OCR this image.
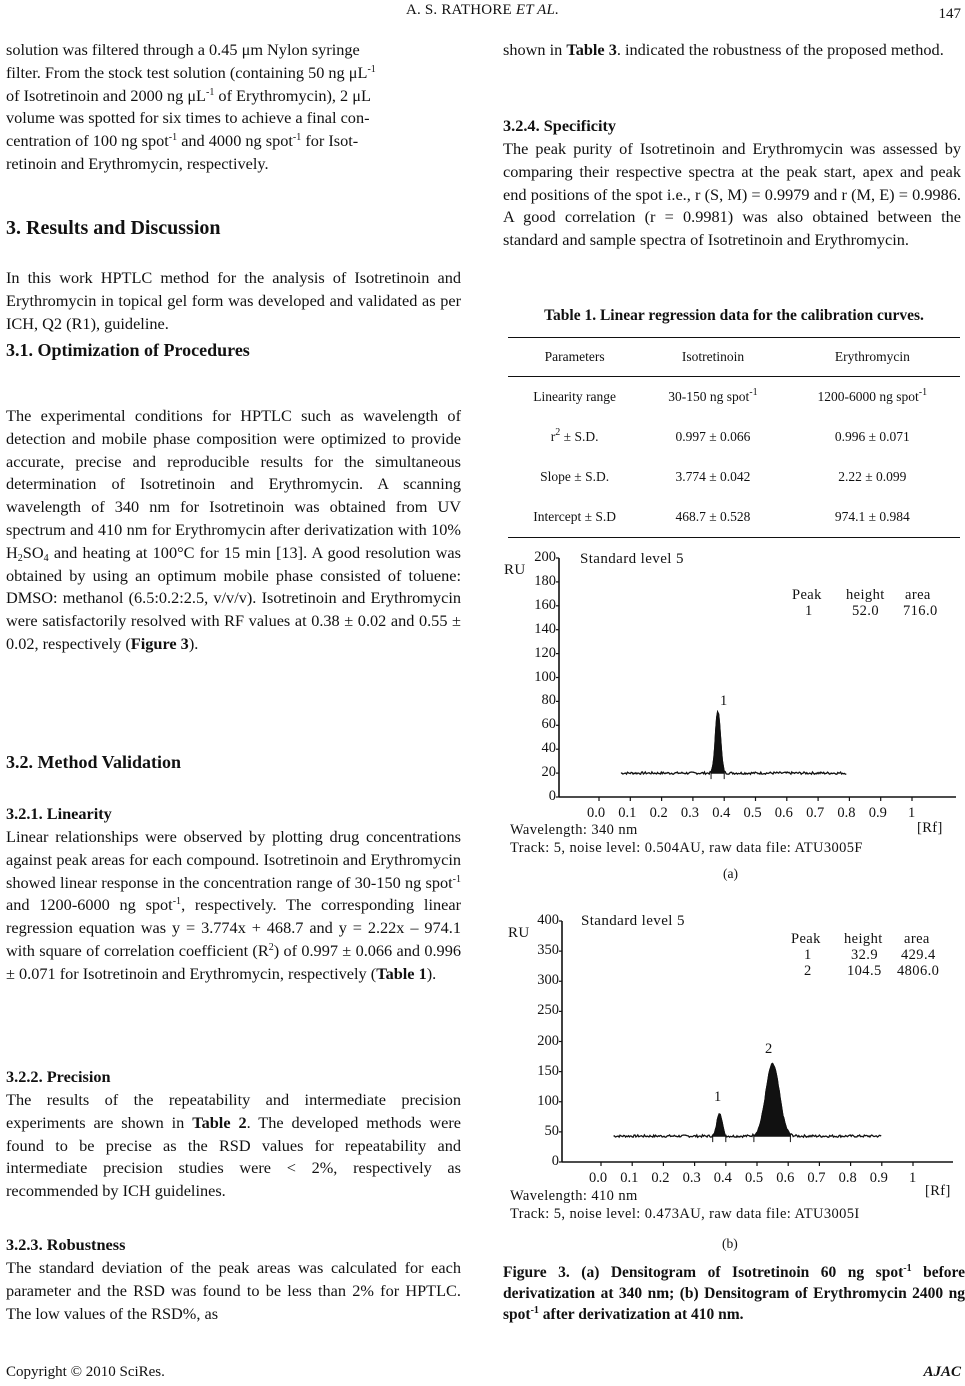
A. S. RATHORE ET AL.	147

solution was filtered through a 0.45 μm Nylon syringe

filter. From the stock test solution (containing 50 ng $\mu L^{-1}$

of Isotretinoin and 2000 ng $\mu L^{-1}$ of Erythromycin), 2 μL

volume was spotted for six times to achieve a final con-

centration of 100 ng spot$^{-1}$ and 4000 ng spot$^{-1}$ for Isot-

retinoin and Erythromycin, respectively.

3. Results and Discussion
In this work HPTLC method for the analysis of Isotretinoin and Erythromycin in topical gel form was developed and validated as per ICH, Q2 (R1), guideline.
3.1. Optimization of Procedures
The experimental conditions for HPTLC such as wavelength of detection and mobile phase composition were optimized to provide accurate, precise and reproducible results for the simultaneous determination of Isotretinoin and Erythromycin. A scanning wavelength of 340 nm for Isotretinoin was obtained from UV spectrum and 410 nm for Erythromycin after derivatization with 10% $H_2SO_4$ and heating at 100°C for 15 min [13]. A good resolution was obtained by using an optimum mobile phase consisted of toluene: DMSO: methanol (6.5:0.2:2.5, v/v/v). Isotretinoin and Erythromycin were satisfactorily resolved with RF values at 0.38 ± 0.02 and 0.55 ± 0.02, respectively (Figure 3).
3.2. Method Validation
3.2.1. Linearity
Linear relationships were observed by plotting drug concentrations against peak areas for each compound. Isotretinoin and Erythromycin showed linear response in the concentration range of 30-150 ng spot$^{-1}$ and 1200-6000 ng spot$^{-1}$, respectively. The corresponding linear regression equation was y = 3.774x + 468.7 and y = 2.22x – 974.1 with square of correlation coefficient $(R^2)$ of 0.997 ± 0.066 and 0.996 ± 0.071 for Isotretinoin and Erythromycin, respectively (Table 1).
3.2.2. Precision
The results of the repeatability and intermediate precision experiments are shown in Table 2. The developed methods were found to be precise as the RSD values for repeatability and intermediate precision studies were < 2%, respectively as recommended by ICH guidelines.
3.2.3. Robustness
The standard deviation of the peak areas was calculated for each parameter and the RSD was found to be less than 2% for HPTLC. The low values of the RSD%, as
shown in Table 3. indicated the robustness of the proposed method.
3.2.4. Specificity
The peak purity of Isotretinoin and Erythromycin was assessed by comparing their respective spectra at the peak start, apex and peak end positions of the spot i.e., r (S, M) = 0.9979 and r (M, E) = 0.9986. A good correlation (r = 0.9981) was also obtained between the standard and sample spectra of Isotretinoin and Erythromycin.
Table 1. Linear regression data for the calibration curves.
Parameters	Isotretinoin	Erythromycin
Linearity range	30-150 ng spot$^{-1}$	1200-6000 ng spot$^{-1}$
$r^2 \pm S.D$.	0.997 ± 0.066	0.996 ± 0.071
Slope ± S.D.	3.774 ± 0.042	2.22 ± 0.099
Intercept ± S.D	468.7 ± 0.528	974.1 ± 0.984
RU
Standard level 5
Peak height area
1	52.0 716.0
1
[Rf]
Wavelength: 340 nm
Track: 5, noise level: 0.504AU, raw data file: ATU3005F
0
20
40
60
80
100
120
140
160
180
200
0.0 0.1 0.2 0.3 0.4 0.5 0.6 0.7 0.8 0.9 1
(a)
RU
Standard level 5
Peak height area
1	32.9 429.4
2 104.5 4806.0
1
2
[Rf]
Wavelength: 410 nm
Track: 5, noise level: 0.473AU, raw data file: ATU3005I
0
50
100
150
200
250
300
350
400
0.0 0.1 0.2 0.3 0.4 0.5 0.6 0.7 0.8 0.9 1
(b)
Figure 3. (a) Densitogram of Isotretinoin 60 ng spot$^{-1}$ before derivatization at 340 nm; (b) Densitogram of Erythromycin 2400 ng spot$^{-1}$ after derivatization at 410 nm.
Copyright © 2010 SciRes.	AJAC
